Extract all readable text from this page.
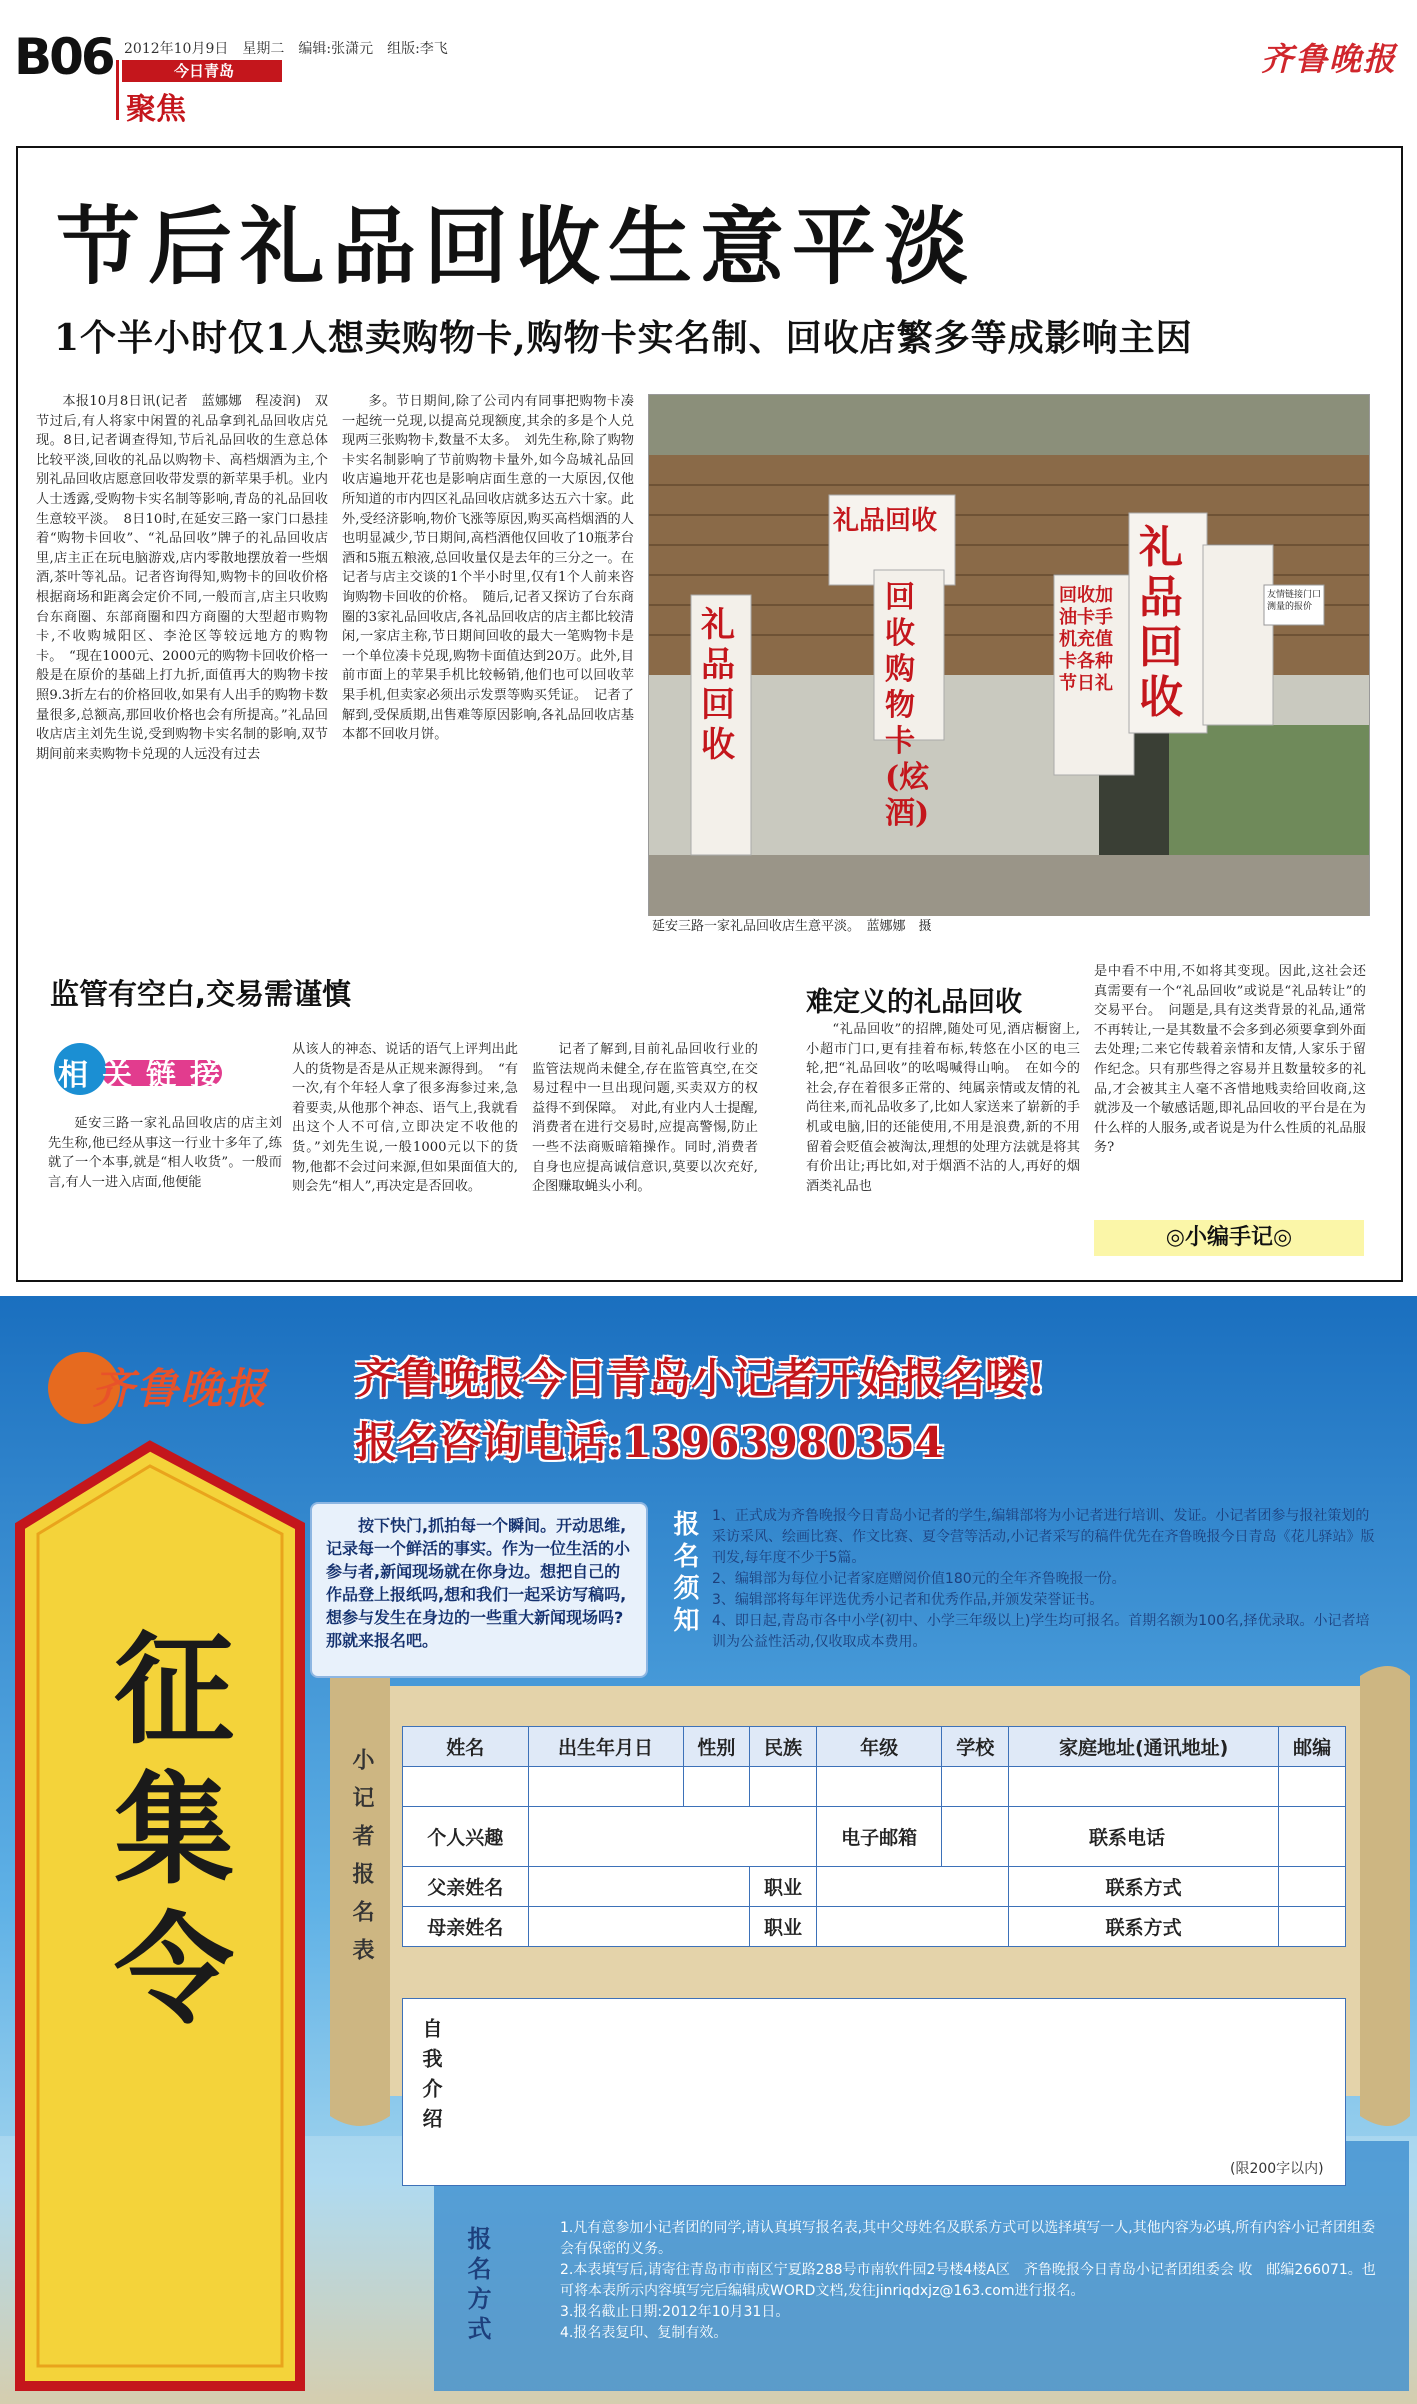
B06 2012年10月9日　星期二　编辑:张潇元　组版:李飞
今日青岛
聚焦
齐鲁晚报
节后礼品回收生意平淡
1个半小时仅1人想卖购物卡,购物卡实名制、回收店繁多等成影响主因

本报10月8日讯(记者　蓝娜娜　程凌润)　双节过后,有人将家中闲置的礼品拿到礼品回收店兑现。8日,记者调查得知,节后礼品回收的生意总体比较平淡,回收的礼品以购物卡、高档烟酒为主,个别礼品回收店愿意回收带发票的新苹果手机。业内人士透露,受购物卡实名制等影响,青岛的礼品回收生意较平淡。　8日10时,在延安三路一家门口悬挂着“购物卡回收”、“礼品回收”牌子的礼品回收店里,店主正在玩电脑游戏,店内零散地摆放着一些烟酒,茶叶等礼品。记者咨询得知,购物卡的回收价格根据商场和距离会定价不同,一般而言,店主只收购台东商圈、东部商圈和四方商圈的大型超市购物卡,不收购城阳区、李沧区等较远地方的购物卡。　“现在1000元、2000元的购物卡回收价格一般是在原价的基础上打九折,面值再大的购物卡按照9.3折左右的价格回收,如果有人出手的购物卡数量很多,总额高,那回收价格也会有所提高。”礼品回收店店主刘先生说,受到购物卡实名制的影响,双节期间前来卖购物卡兑现的人远没有过去

多。节日期间,除了公司内有同事把购物卡凑一起统一兑现,以提高兑现额度,其余的多是个人兑现两三张购物卡,数量不太多。　刘先生称,除了购物卡实名制影响了节前购物卡量外,如今岛城礼品回收店遍地开花也是影响店面生意的一大原因,仅他所知道的市内四区礼品回收店就多达五六十家。此外,受经济影响,物价飞涨等原因,购买高档烟酒的人也明显减少,节日期间,高档酒他仅回收了10瓶茅台酒和5瓶五粮液,总回收量仅是去年的三分之一。在记者与店主交谈的1个半小时里,仅有1个人前来咨询购物卡回收的价格。　随后,记者又探访了台东商圈的3家礼品回收店,各礼品回收店的店主都比较清闲,一家店主称,节日期间回收的最大一笔购物卡是一个单位凑卡兑现,购物卡面值达到20万。此外,目前市面上的苹果手机比较畅销,他们也可以回收苹果手机,但卖家必须出示发票等购买凭证。　记者了解到,受保质期,出售难等原因影响,各礼品回收店基本都不回收月饼。

礼品回收
礼品回收
回收购物卡(炫酒)
回收加油卡手机充值卡各种节日礼
礼品回收
友情链接门口测量的报价
延安三路一家礼品回收店生意平淡。　蓝娜娜　摄
监管有空白,交易需谨慎
相关链接

延安三路一家礼品回收店的店主刘先生称,他已经从事这一行业十多年了,练就了一个本事,就是“相人收货”。一般而言,有人一进入店面,他便能

从该人的神态、说话的语气上评判出此人的货物是否是从正规来源得到。　“有一次,有个年轻人拿了很多海参过来,急着要卖,从他那个神态、语气上,我就看出这个人不可信,立即决定不收他的货。”刘先生说,一般1000元以下的货物,他都不会过问来源,但如果面值大的,则会先“相人”,再决定是否回收。

记者了解到,目前礼品回收行业的监管法规尚未健全,存在监管真空,在交易过程中一旦出现问题,买卖双方的权益得不到保障。　对此,有业内人士提醒,消费者在进行交易时,应提高警惕,防止一些不法商贩暗箱操作。同时,消费者自身也应提高诚信意识,莫要以次充好,企图赚取蝇头小利。

难定义的礼品回收

“礼品回收”的招牌,随处可见,酒店橱窗上,小超市门口,更有挂着布标,转悠在小区的电三轮,把“礼品回收”的吆喝喊得山响。　在如今的社会,存在着很多正常的、纯属亲情或友情的礼尚往来,而礼品收多了,比如人家送来了崭新的手机或电脑,旧的还能使用,不用是浪费,新的不用留着会贬值会被淘汰,理想的处理方法就是将其有价出让;再比如,对于烟酒不沾的人,再好的烟酒类礼品也

是中看不中用,不如将其变现。因此,这社会还真需要有一个“礼品回收”或说是“礼品转让”的交易平台。　问题是,具有这类背景的礼品,通常不再转让,一是其数量不会多到必须要拿到外面去处理;二来它传载着亲情和友情,人家乐于留作纪念。只有那些得之容易并且数量较多的礼品,才会被其主人毫不吝惜地贱卖给回收商,这就涉及一个敏感话题,即礼品回收的平台是在为什么样的人服务,或者说是为什么性质的礼品服务?

◎小编手记◎
齐鲁晚报 齐鲁晚报今日青岛小记者开始报名喽!
报名咨询电话:13963980354
按下快门,抓拍每一个瞬间。开动思维,记录每一个鲜活的事实。作为一位生活的小参与者,新闻现场就在你身边。想把自己的作品登上报纸吗,想和我们一起采访写稿吗,想参与发生在身边的一些重大新闻现场吗?那就来报名吧。
报名须知 1、正式成为齐鲁晚报今日青岛小记者的学生,编辑部将为小记者进行培训、发证。小记者团参与报社策划的采访采风、绘画比赛、作文比赛、夏令营等活动,小记者采写的稿件优先在齐鲁晚报今日青岛《花儿驿站》版刊发,每年度不少于5篇。
2、编辑部为每位小记者家庭赠阅价值180元的全年齐鲁晚报一份。
3、编辑部将每年评选优秀小记者和优秀作品,并颁发荣誉证书。
4、即日起,青岛市各中小学(初中、小学三年级以上)学生均可报名。首期名额为100名,择优录取。小记者培训为公益性活动,仅收取成本费用。
征集令	小记者报名表	姓名	出生年月日	性别	民族	年级	学校	家庭地址(通讯地址)	邮编

个人兴趣				电子邮箱		联系电话	
父亲姓名			职业			联系方式	
母亲姓名			职业			联系方式	
自我介绍
(限200字以内)
报名方式	1.凡有意参加小记者团的同学,请认真填写报名表,其中父母姓名及联系方式可以选择填写一人,其他内容为必填,所有内容小记者团组委会有保密的义务。
2.本表填写后,请寄往青岛市市南区宁夏路288号市南软件园2号楼4楼A区　齐鲁晚报今日青岛小记者团组委会 收　邮编266071。也可将本表所示内容填写完后编辑成WORD文档,发往jinriqdxjz@163.com进行报名。
3.报名截止日期:2012年10月31日。
4.报名表复印、复制有效。
